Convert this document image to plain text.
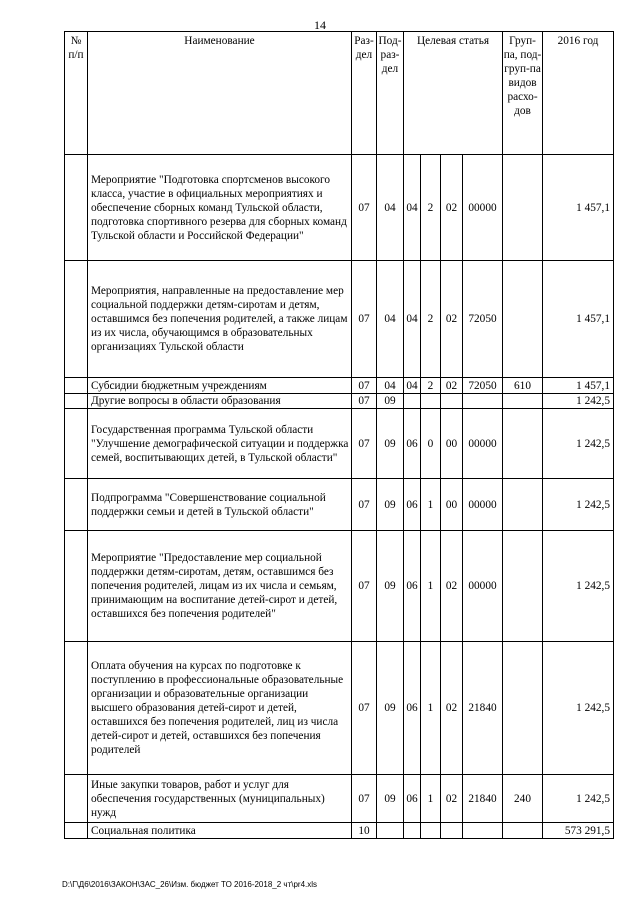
14
№ п/п	Наименование	Раз-дел	Под-раз-дел	Целевая статья				Груп-па, под-груп-па видов расхо-дов	2016 год
	Мероприятие "Подготовка спортсменов высокого класса, участие в официальных мероприятиях и обеспечение сборных команд Тульской области, подготовка спортивного резерва для сборных команд Тульской области и Российской Федерации"	07	04	04	2	02	00000		1 457,1
	Мероприятия, направленные на предоставление мер социальной поддержки детям-сиротам и детям, оставшимся без попечения родителей, а также лицам из их числа, обучающимся в образовательных организациях Тульской области	07	04	04	2	02	72050		1 457,1
	Субсидии бюджетным учреждениям	07	04	04	2	02	72050	610	1 457,1
	Другие вопросы в области образования	07	09						1 242,5
	Государственная программа Тульской области "Улучшение демографической ситуации и поддержка семей, воспитывающих детей, в Тульской области"	07	09	06	0	00	00000		1 242,5
	Подпрограмма "Совершенствование социальной поддержки семьи и детей в Тульской области"	07	09	06	1	00	00000		1 242,5
	Мероприятие "Предоставление мер социальной поддержки детям-сиротам, детям, оставшимся без попечения родителей, лицам из их числа и семьям, принимающим на воспитание детей-сирот и детей, оставшихся без попечения родителей"	07	09	06	1	02	00000		1 242,5
	Оплата обучения на курсах по подготовке к поступлению в профессиональные образовательные организации и образовательные организации высшего образования детей-сирот и детей, оставшихся без попечения родителей, лиц из числа детей-сирот и детей, оставшихся без попечения родителей	07	09	06	1	02	21840		1 242,5
	Иные закупки товаров, работ и услуг для обеспечения государственных (муниципальных) нужд	07	09	06	1	02	21840	240	1 242,5
	Социальная политика	10							573 291,5
D:\Г\Д6\2016\ЗАКОН\ЗАС_26\Изм. бюджет ТО 2016-2018_2 чт\pr4.xls
